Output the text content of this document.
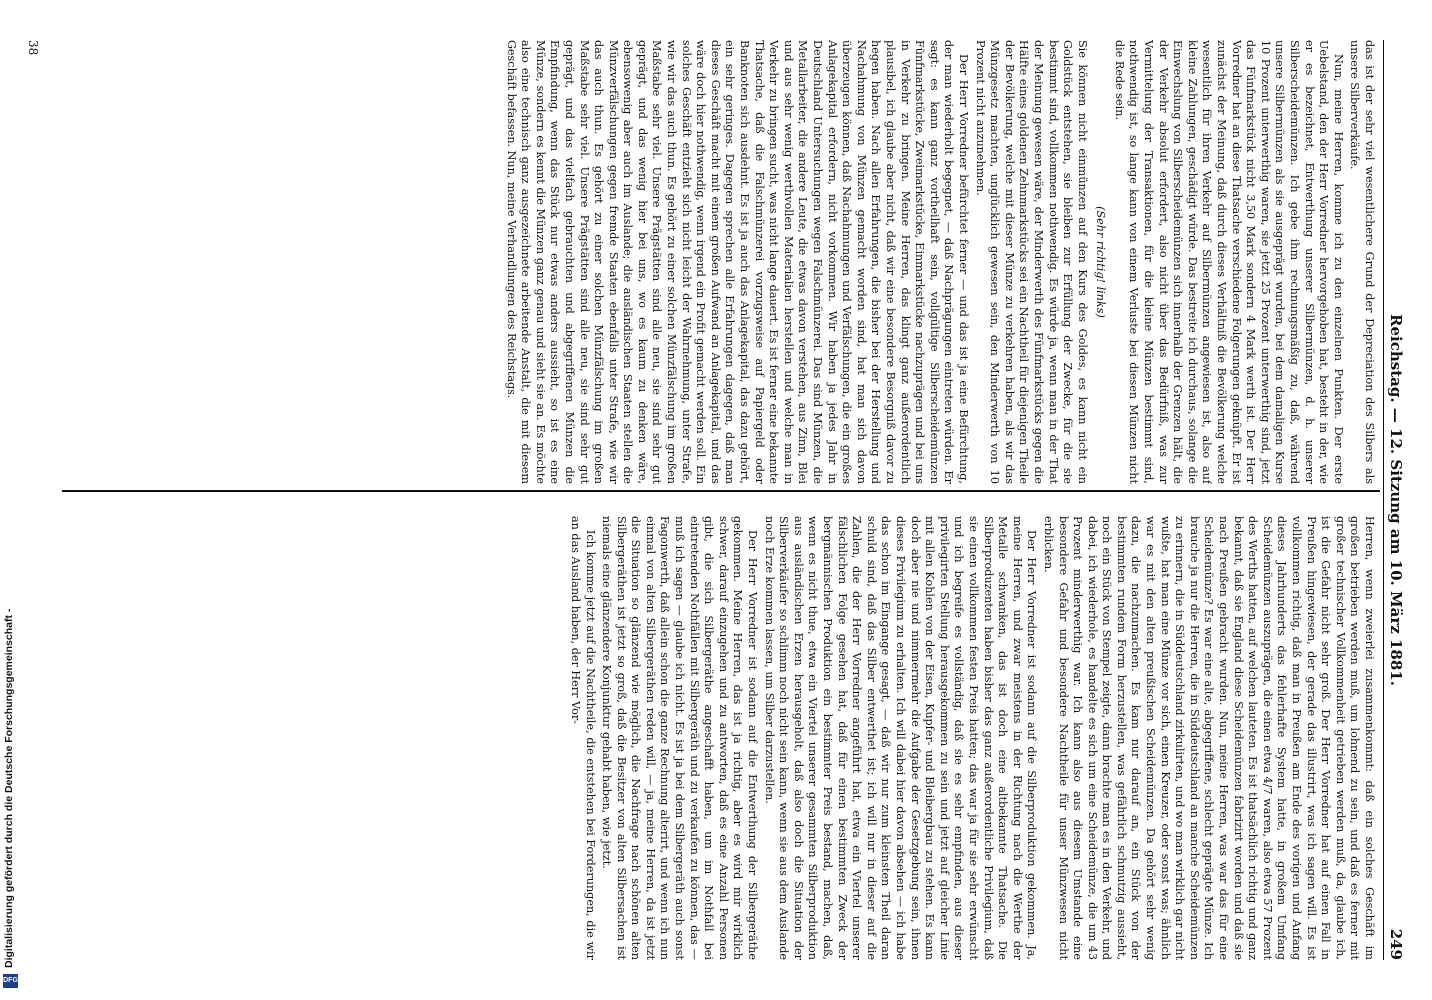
Reichstag. — 12. Sitzung am 10. März 1881.
249

das ist der sehr viel wesentlichere Grund der Depreciation des Silbers als unsere Silberverkäufe.

Nun, meine Herren, komme ich zu den einzelnen Punkten. Der erste Uebelstand, den der Herr Vorredner hervorgehoben hat, besteht in der, wie er es bezeichnet, Entwerthung unserer Silbermünzen, d. h. unserer Silberscheidemünzen. Ich gebe ihm rechnungsmäßig zu, daß, während unsere Silbermünzen als sie ausgeprägt wurden, bei dem damaligen Kurse 10 Prozent unterwerthig waren, sie jetzt 25 Prozent unterwerthig sind, jetzt das Fünfmarkstück nicht 3,50 Mark sondern 4 Mark werth ist. Der Herr Vorredner hat an diese Thatsache verschiedene Folgerungen geknüpft. Er ist zunächst der Meinung, daß durch dieses Verhältniß die Bevölkerung welche wesentlich für ihren Verkehr auf Silbermünzen angewiesen ist, also auf kleine Zahlungen, geschädigt würde. Das bestreite ich durchaus, solange die Einwechslung von Silberscheidemünzen sich innerhalb der Grenzen hält, die der Verkehr absolut erfordert, also nicht über das Bedürfniß, was zur Vermittelung der Transaktionen, für die kleine Münzen bestimmt sind, nothwendig ist, so lange kann von einem Verluste bei diesen Münzen nicht die Rede sein.

(Sehr richtig! links)

Sie können nicht einmünzen auf den Kurs des Goldes, es kann nicht ein Goldstück entstehen, sie bleiben zur Erfüllung der Zwecke, für die sie bestimmt sind, vollkommen nothwendig. Es würde ja, wenn man in der That der Meinung gewesen wäre, der Minderwerth des Fünfmarkstücks gegen die Hälfte eines goldenen Zehnmarkstücks sei ein Nachtheil für diejenigen Theile der Bevölkerung, welche mit dieser Münze zu verkehren haben, als wir das Münzgesetz machten, unglücklich gewesen sein, den Minderwerth von 10 Prozent nicht anzunehmen.

Der Herr Vorredner befürchtet ferner — und das ist ja eine Befürchtung, der man wiederholt begegnet, — daß Nachprägungen eintreten würden. Er sagt: es kann ganz vortheilhaft sein, vollgültige Silberscheidemünzen Fünfmarkstücke, Zweimarkstücke, Einmarkstücke nachzuprägen und bei uns in Verkehr zu bringen. Meine Herren, das klingt ganz außerordentlich plausibel, ich glaube aber nicht, daß wir eine besondere Besorgniß davor zu hegen haben. Nach allen Erfahrungen, die bisher bei der Herstellung und Nachahmung von Münzen gemacht worden sind, hat man sich davon überzeugen können, daß Nachahmungen und Verfälschungen, die ein großes Anlagekapital erfordern, nicht vorkommen. Wir haben ja jedes Jahr in Deutschland Untersuchungen wegen Falschmünzerei. Das sind Münzen, die Metallarbeiter, die andere Leute, die etwas davon verstehen, aus Zinn, Blei und aus sehr wenig werthvollen Materialien herstellen und welche man in Verkehr zu bringen sucht, was nicht lange dauert. Es ist ferner eine bekannte Thatsache, daß die Falschmünzerei vorzugsweise auf Papiergeld oder Banknoten sich ausdehnt. Es ist ja auch das Anlagekapital, das dazu gehört, ein sehr geringes. Dagegen sprechen alle Erfahrungen dagegen, daß man dieses Geschäft macht mit einem großen Aufwand an Anlagekapital, und das wäre doch hier nothwendig, wenn irgend ein Profit gemacht werden soll. Ein solches Geschäft entzieht sich nicht leicht der Wahrnehmung, unter Strafe, wie wir das auch thun. Es gehört zu einer solchen Münzfälschung im großen Maßstabe sehr viel. Unsere Prägstätten sind alle neu, sie sind sehr gut geprägt, und das wenig hier bei uns, wo es kaum zu denken wäre, ebensowenig aber auch im Auslande; die ausländischen Staaten stellen die Münzverfälschungen gegen fremde Staaten ebenfalls unter Strafe, wie wir das auch thun. Es gehört zu einer solchen Münzfälschung im großen Maßstabe sehr viel. Unsere Prägstätten sind alle neu, sie sind sehr gut geprägt, und das vielfach gebrauchten und abgegriffenen Münzen die Empfindung, wenn das Stück nur etwas anders aussieht, so ist es eine Münze, sondern es kennt die Münzen ganz genau und sieht sie an. Es möchte also eine technisch ganz ausgezeichnete arbeitende Anstalt, die mit diesem Geschäft befassen. Nun, meine Verhandlungen des Reichstags.

Herren, wenn zweierlei zusammenkommt: daß ein solches Geschäft im großen betrieben werden muß, um lohnend zu sein, und daß es ferner mit großer technischer Vollkommenheit getrieben werden muß, da, glaube ich, ist die Gefahr nicht sehr groß. Der Herr Vorredner hat auf einen Fall in Preußen hingewiesen, der gerade das illustrirt, was ich sagen will. Es ist vollkommen richtig, daß man in Preußen am Ende des vorigen und Anfang dieses Jahrhunderts das fehlerhafte System hatte, in großem Umfang Scheidemünzen auszuprägen, die einen etwa 4/7 waren, also etwa 57 Prozent des Werths hatten, auf welchen lauteten. Es ist thatsächlich richtig und ganz bekannt, daß sie England diese Scheidemünzen fabrizirt worden und daß sie nach Preußen gebracht wurden. Nun, meine Herren, was war das für eine Scheidemünze? Es war eine alte, abgegriffene, schlecht geprägte Münze. Ich brauche ja nur die Herren, die in Süddeutschland an manche Scheidemünzen zu erinnern, die in Süddeutschland zirkulirten, und wo man wirklich gar nicht wußte, hat man eine Münze vor sich, einen Kreuzer, oder sonst was; ähnlich war es mit den alten preußischen Scheidemünzen. Da gehört sehr wenig dazu, die nachzumachen. Es kam nur darauf an, ein Stück von der bestimmten rundem Form herzustellen, was gefährlich schmutzig aussieht, noch ein Stück von Stempel zeigte, dann brachte man es in den Verkehr, und dabei, ich wiederhole, es handelte es sich um eine Scheidemünze, die um 43 Prozent minderwerthig war. Ich kann also aus diesem Umstande eine besondere Gefahr und besondere Nachtheile für unser Münzwesen nicht erblicken.

Der Herr Vorredner ist sodann auf die Silberproduktion gekommen. Ja, meine Herren, und zwar meistens in der Richtung nach die Werthe der Metalle schwanken, das ist doch eine altbekannte Thatsache. Die Silberproduzenten haben bisher das ganz außerordentliche Privilegium, daß sie einen vollkommen festen Preis hatten; das war ja für sie sehr erwünscht und ich begreife es vollständig, daß sie es sehr empfinden, aus dieser privilegirten Stellung herausgekommen zu sein und jetzt auf gleicher Linie mit allen Kohlen von der Eisen, Kupfer- und Bleibergbau zu stehen. Es kann doch aber nie und nimmermehr die Aufgabe der Gesetzgebung sein, ihnen dieses Privilegium zu erhalten. Ich will dabei hier davon absehen — ich habe das schon im Eingange gesagt, — daß wir nur zum kleinsten Theil daran schuld sind, daß das Silber entwerthet ist; ich will nur in dieser auf die Zahlen, die der Herr Vorredner angeführt hat, etwa ein Viertel unserer fälschlichen Folge gesehen hat, daß für einen bestimmten Zweck der bergmännischen Produktion ein bestimmter Preis bestand, machen, daß, wenn es nicht thue, etwa ein Viertel unserer gesammten Silberproduktion aus ausländischen Erzen herausgeholt, daß also doch die Situation der Silberverkäufer so schlimm noch nicht sein kann, wenn sie aus dem Auslande noch Erze kommen lassen, um Silber darzustellen.

Der Herr Vorredner ist sodann auf die Entwerthung der Silbergeräthe gekommen. Meine Herren, das ist ja richtig, aber es wird mir wirklich schwer, darauf einzugehen und zu antworten, daß es eine Anzahl Personen gibt, die sich Silbergeräthe angeschafft haben, um im Nothfall bei eintretenden Nothfällen mit Silbergeräth und zu verkaufen zu können, das — muß ich sagen — glaube ich nicht. Es ist ja bei dem Silbergeräth auch sonst Fagonwerth, daß allein schon die ganze Rechnung alterirt, und wenn ich nun einmal von alten Silbergeräthen reden will, — ja, meine Herren, da ist jetzt die Situation so glänzend wie möglich, die Nachfrage nach schönen alten Silbergeräthen ist jetzt so groß, daß die Besitzer von alten Silbersachen ist niemals eine glänzendere Konjunktur gehabt haben, wie jetzt.

Ich komme jetzt auf die Nachtheile, die entstehen bei Forderungen, die wir an das Ausland haben, der Herr Vor-

38
Digitalisierung gefördert durch die Deutsche Forschungsgemeinschaft -
DFG
